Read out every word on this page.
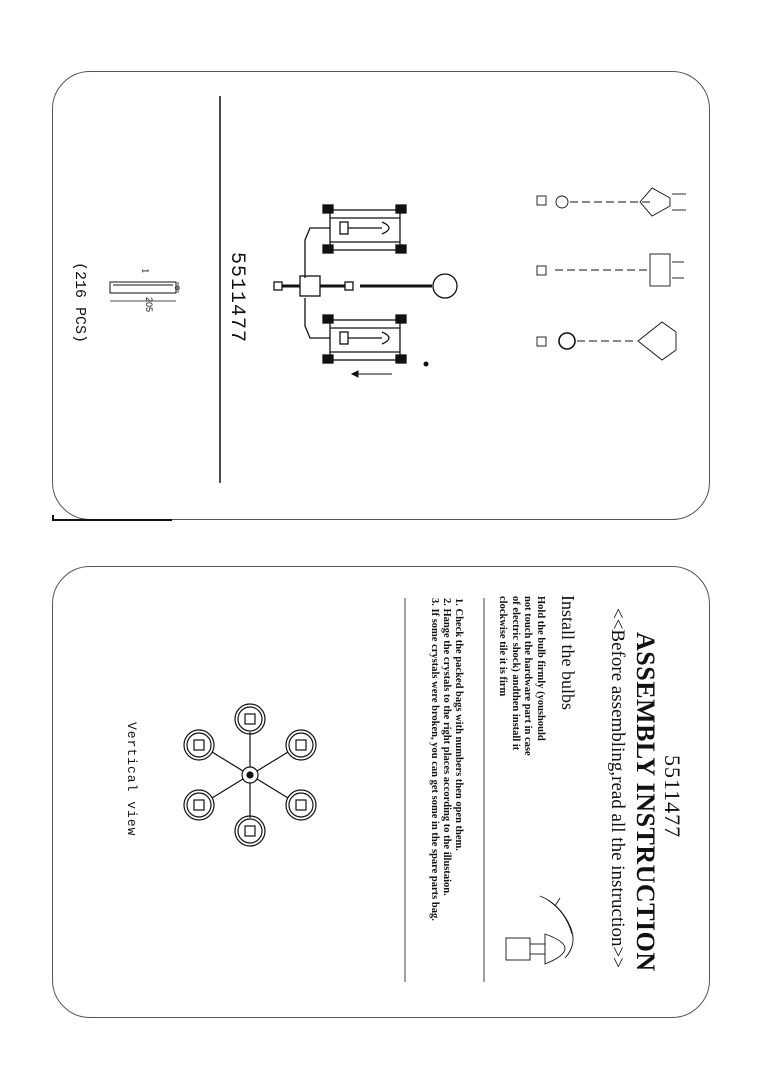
5511477
(216 PCS)	1
205
8
5511477
ASSEMBLY INSTRUCTION
<<Before assembling,read all the instruction>>
Install the bulbs
Hold the bulb firmly (youshould not touch the hardware part in case of electric shock) andthen install it clockwise tile it is firm
1. Check the packed bags with numbers then open them.
2. Hange the crystals to the right places according to the illustaion.
3. If some crystals were broken, you can get some in the spare parts bag.
Vertical view
